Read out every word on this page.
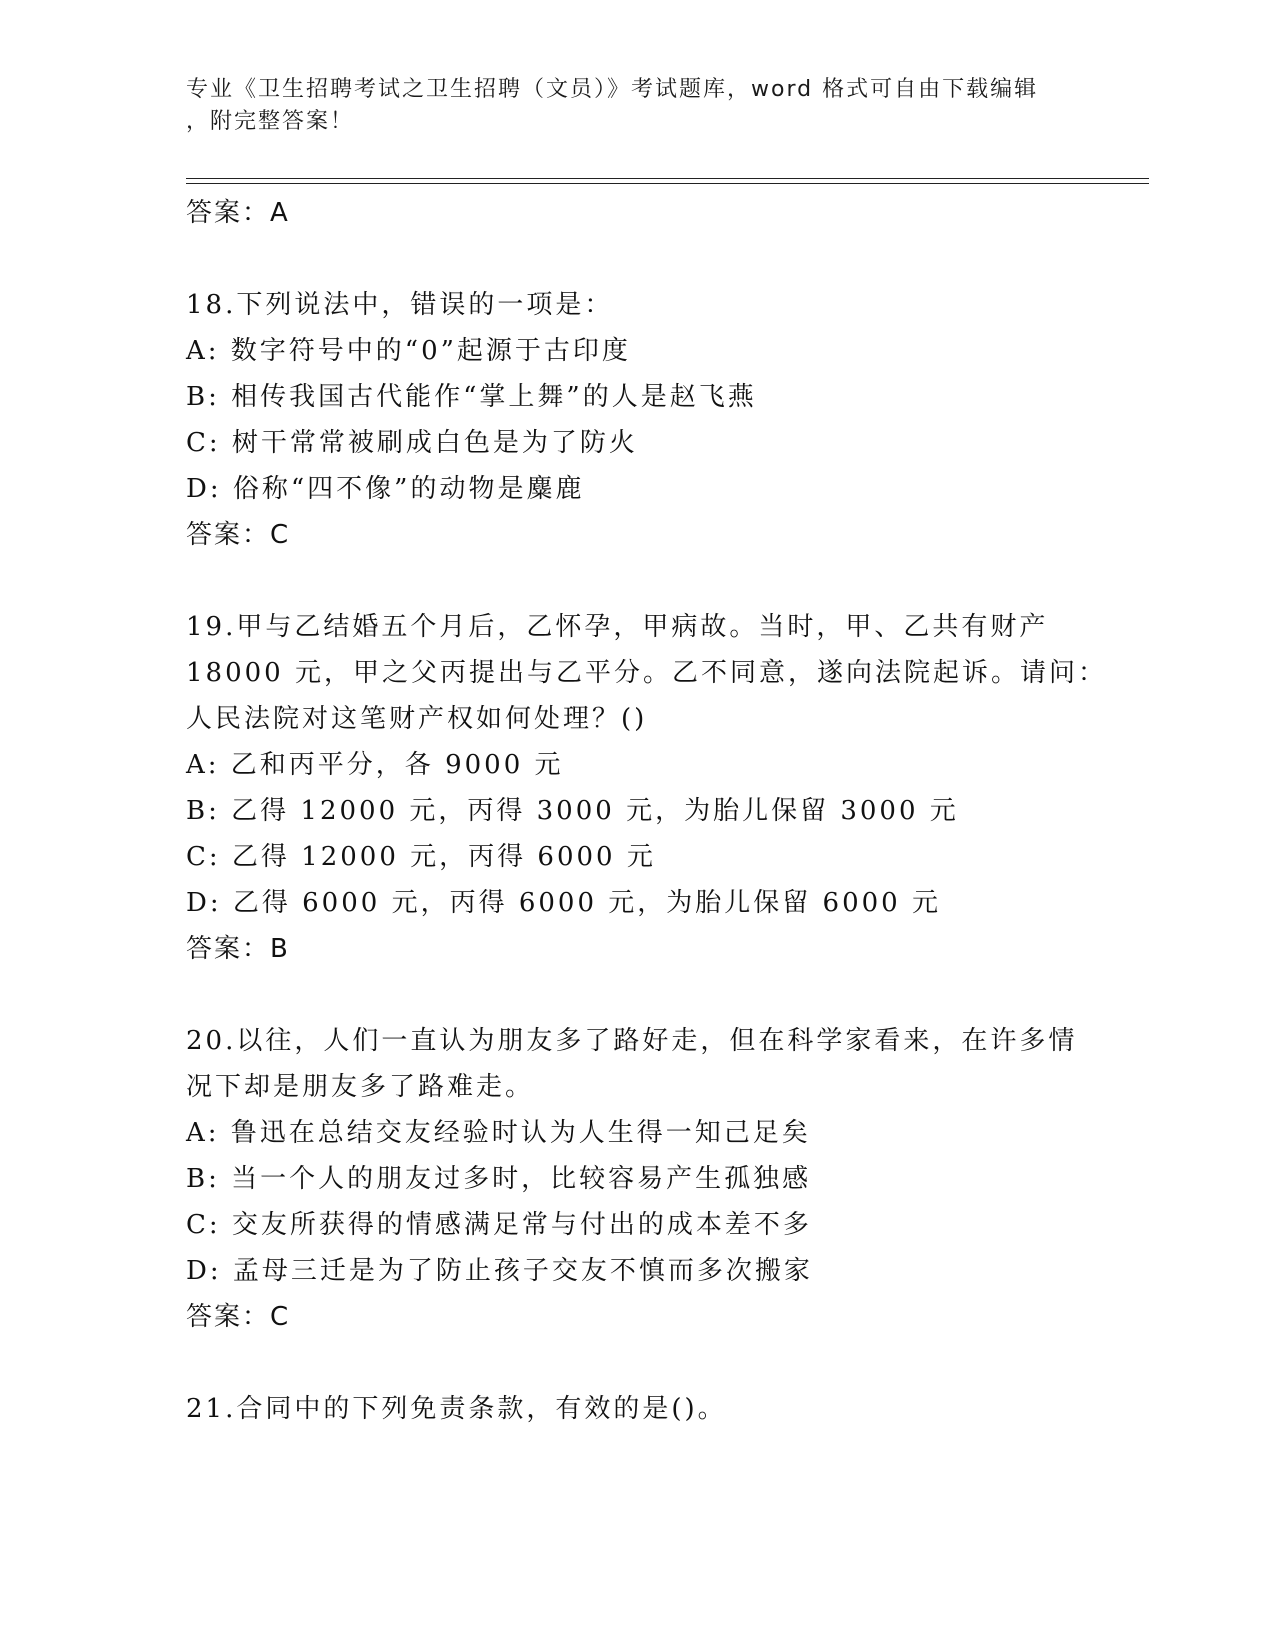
专业《卫生招聘考试之卫生招聘（文员）》考试题库，word 格式可自由下载编辑
，附完整答案！
答案：A
18.下列说法中，错误的一项是：
A: 数字符号中的“0”起源于古印度
B: 相传我国古代能作“掌上舞”的人是赵飞燕
C: 树干常常被刷成白色是为了防火
D: 俗称“四不像”的动物是麋鹿
答案：C
19.甲与乙结婚五个月后，乙怀孕，甲病故。当时，甲、乙共有财产
18000 元，甲之父丙提出与乙平分。乙不同意，遂向法院起诉。请问：
人民法院对这笔财产权如何处理？()
A: 乙和丙平分，各 9000 元
B: 乙得 12000 元，丙得 3000 元，为胎儿保留 3000 元
C: 乙得 12000 元，丙得 6000 元
D: 乙得 6000 元，丙得 6000 元，为胎儿保留 6000 元
答案：B
20.以往，人们一直认为朋友多了路好走，但在科学家看来，在许多情
况下却是朋友多了路难走。
A: 鲁迅在总结交友经验时认为人生得一知己足矣
B: 当一个人的朋友过多时，比较容易产生孤独感
C: 交友所获得的情感满足常与付出的成本差不多
D: 孟母三迁是为了防止孩子交友不慎而多次搬家
答案：C
21.合同中的下列免责条款，有效的是()。
